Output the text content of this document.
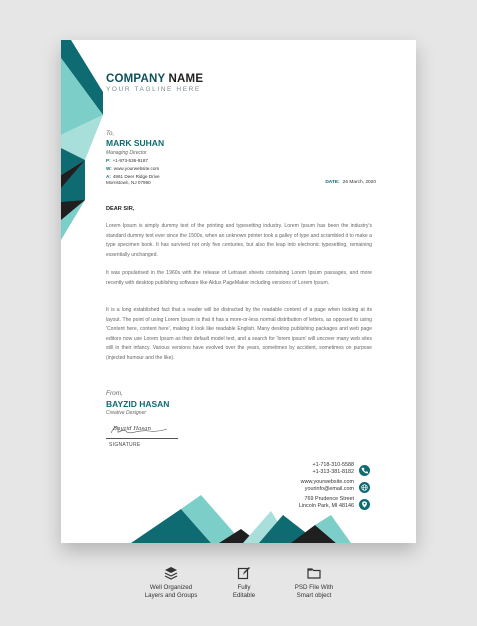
COMPANY NAME
YOUR TAGLINE HERE
To,
MARK SUHAN
Managing Director
P: +1-973-536-9187
W: www.yourwebsite.com
A: 4961 Deer Ridge Drive
Morristown, NJ 07960	DATE: 26 March, 2020
DEAR SIR,

Lorem Ipsum is simply dummy text of the printing and typesetting industry. Lorem Ipsum has been the industry's standard dummy text ever since the 1500s, when an unknown printer took a galley of type and scrambled it to make a type specimen book. It has survived not only five centuries, but also the leap into electronic typesetting, remaining essentially unchanged.

It was popularised in the 1960s with the release of Letraset sheets containing Lorem Ipsum passages, and more recently with desktop publishing software like Aldus PageMaker including versions of Lorem Ipsum.

It is a long established fact that a reader will be distracted by the readable content of a page when looking at its layout. The point of using Lorem Ipsum is that it has a more-or-less normal distribution of letters, as opposed to using 'Content here, content here', making it look like readable English. Many desktop publishing packages and web page editors now use Lorem Ipsum as their default model text, and a search for 'lorem ipsum' will uncover many web sites still in their infancy. Various versions have evolved over the years, sometimes by accident, sometimes on purpose (injected humour and the like).

From,
BAYZID HASAN
Creative Designer
Bayzid Hasan
SIGNATURE
+1-718-310-5588
+1-313-381-8182
www.yourwebsite.com
yourinfo@email.com
769 Prudence Street
Lincoln Park, MI 48146
Well Organized
Layers and Groups
Fully
Editable
PSD File With
Smart object
